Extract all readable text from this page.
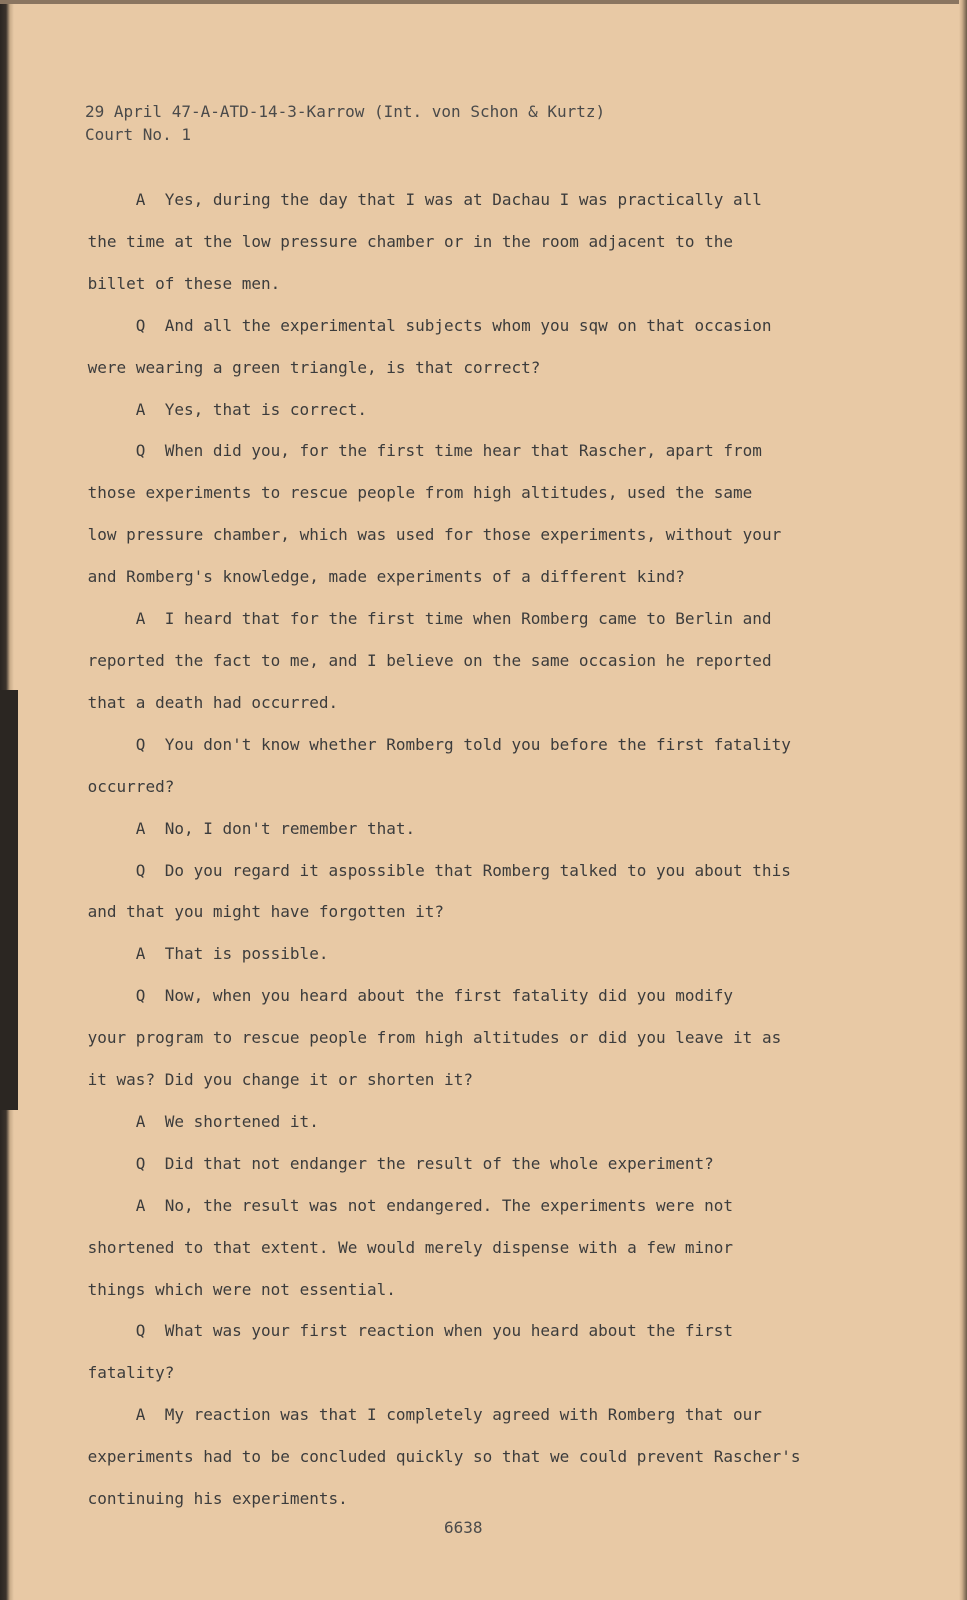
29 April 47-A-ATD-14-3-Karrow (Int. von Schon & Kurtz)
Court No. 1

A  Yes, during the day that I was at Dachau I was practically all

the time at the low pressure chamber or in the room adjacent to the

billet of these men.

Q  And all the experimental subjects whom you sqw on that occasion

were wearing a green triangle, is that correct?

A  Yes, that is correct.

Q  When did you, for the first time hear that Rascher, apart from

those experiments to rescue people from high altitudes, used the same

low pressure chamber, which was used for those experiments, without your

and Romberg's knowledge, made experiments of a different kind?

A  I heard that for the first time when Romberg came to Berlin and

reported the fact to me, and I believe on the same occasion he reported

that a death had occurred.

Q  You don't know whether Romberg told you before the first fatality

occurred?

A  No, I don't remember that.

Q  Do you regard it aspossible that Romberg talked to you about this

and that you might have forgotten it?

A  That is possible.

Q  Now, when you heard about the first fatality did you modify

your program to rescue people from high altitudes or did you leave it as

it was? Did you change it or shorten it?

A  We shortened it.

Q  Did that not endanger the result of the whole experiment?

A  No, the result was not endangered. The experiments were not

shortened to that extent. We would merely dispense with a few minor

things which were not essential.

Q  What was your first reaction when you heard about the first

fatality?

A  My reaction was that I completely agreed with Romberg that our

experiments had to be concluded quickly so that we could prevent Rascher's

continuing his experiments.

6638
